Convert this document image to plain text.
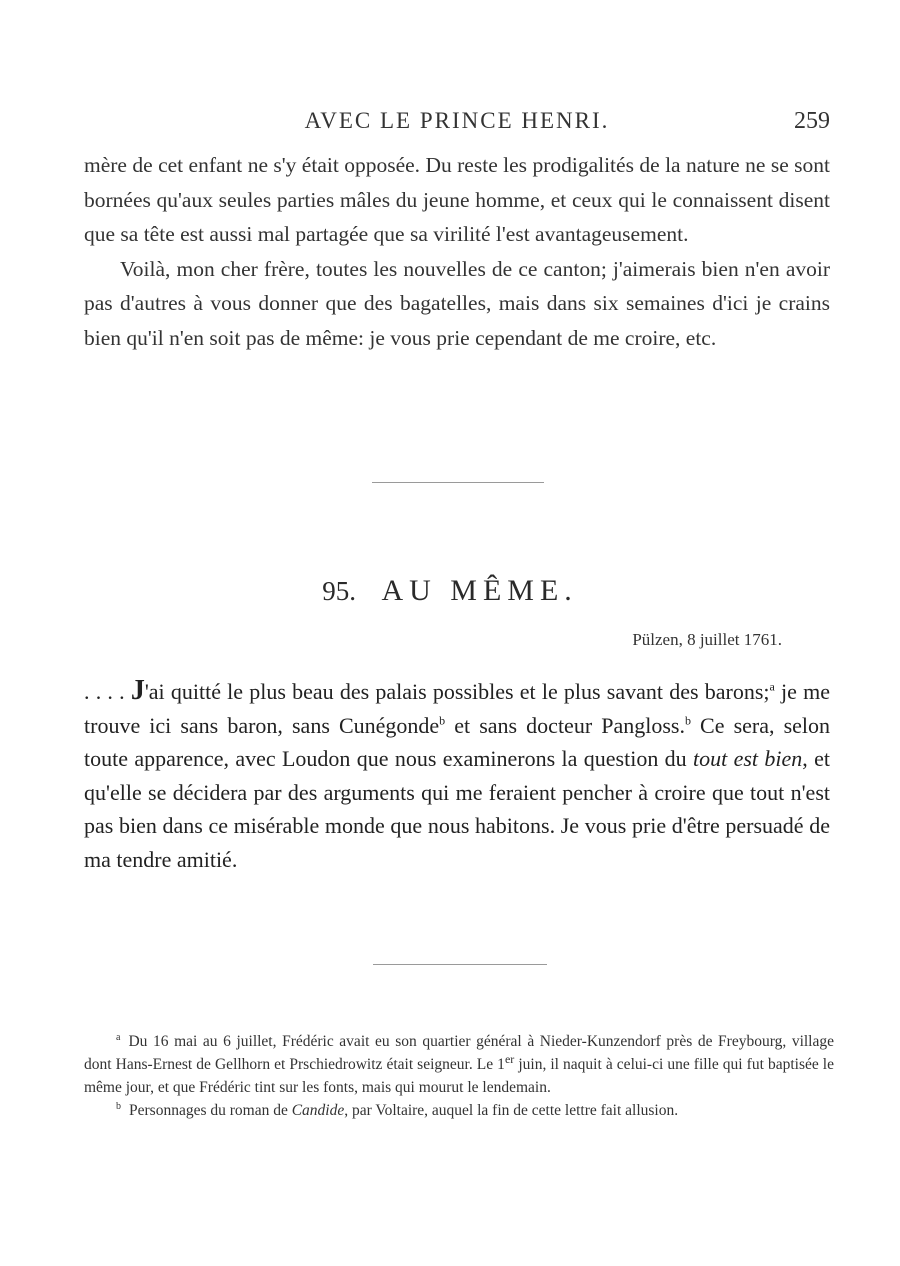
AVEC LE PRINCE HENRI.	259

mère de cet enfant ne s'y était opposée. Du reste les prodigalités de la nature ne se sont bornées qu'aux seules parties mâles du jeune homme, et ceux qui le connaissent disent que sa tête est aussi mal partagée que sa virilité l'est avantageusement.

Voilà, mon cher frère, toutes les nouvelles de ce canton; j'aimerais bien n'en avoir pas d'autres à vous donner que des bagatelles, mais dans six semaines d'ici je crains bien qu'il n'en soit pas de même: je vous prie cependant de me croire, etc.

95. AU MÊME.
Pülzen, 8 juillet 1761.

. . . . J'ai quitté le plus beau des palais possibles et le plus savant des barons;$^a$ je me trouve ici sans baron, sans Cunégonde$^b$ et sans docteur Pangloss.$^b$ Ce sera, selon toute apparence, avec Loudon que nous examinerons la question du tout est bien, et qu'elle se décidera par des arguments qui me feraient pencher à croire que tout n'est pas bien dans ce misérable monde que nous habitons. Je vous prie d'être persuadé de ma tendre amitié.

$^a$ Du 16 mai au 6 juillet, Frédéric avait eu son quartier général à Nieder-Kunzendorf près de Freybourg, village dont Hans-Ernest de Gellhorn et Prschiedrowitz était seigneur. Le 1er juin, il naquit à celui-ci une fille qui fut baptisée le même jour, et que Frédéric tint sur les fonts, mais qui mourut le lendemain.

$^b$ Personnages du roman de Candide, par Voltaire, auquel la fin de cette lettre fait allusion.
